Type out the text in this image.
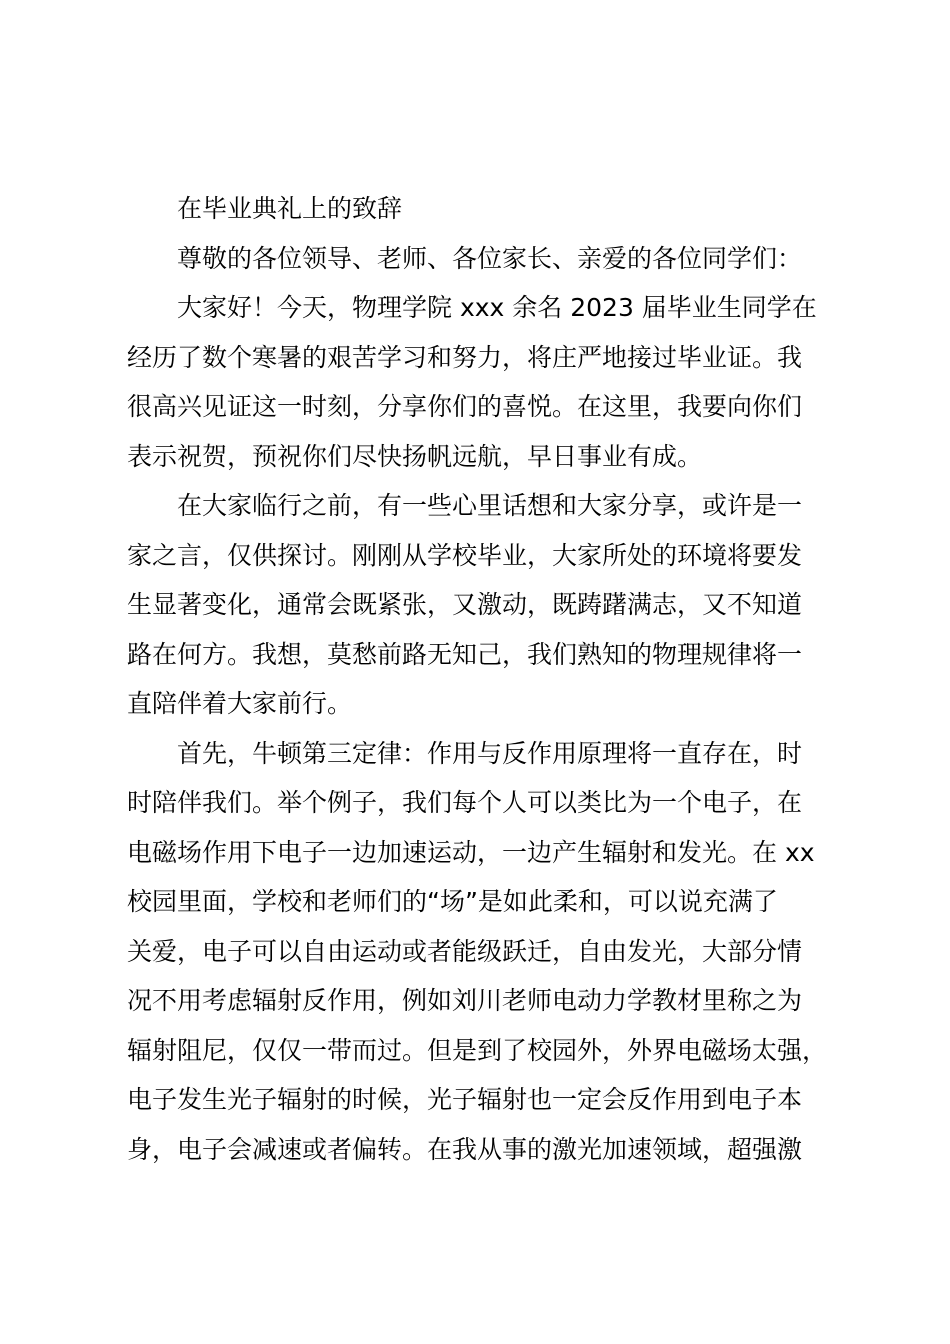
在毕业典礼上的致辞
尊敬的各位领导、老师、各位家长、亲爱的各位同学们：
大家好！今天，物理学院 xxx 余名 2023 届毕业生同学在
经历了数个寒暑的艰苦学习和努力，将庄严地接过毕业证。我
很高兴见证这一时刻，分享你们的喜悦。在这里，我要向你们
表示祝贺，预祝你们尽快扬帆远航，早日事业有成。
在大家临行之前，有一些心里话想和大家分享，或许是一
家之言，仅供探讨。刚刚从学校毕业，大家所处的环境将要发
生显著变化，通常会既紧张，又激动，既踌躇满志，又不知道
路在何方。我想，莫愁前路无知己，我们熟知的物理规律将一
直陪伴着大家前行。
首先，牛顿第三定律：作用与反作用原理将一直存在，时
时陪伴我们。举个例子，我们每个人可以类比为一个电子，在
电磁场作用下电子一边加速运动，一边产生辐射和发光。在 xx
校园里面，学校和老师们的“场”是如此柔和，可以说充满了
关爱，电子可以自由运动或者能级跃迁，自由发光，大部分情
况不用考虑辐射反作用，例如刘川老师电动力学教材里称之为
辐射阻尼，仅仅一带而过。但是到了校园外，外界电磁场太强，
电子发生光子辐射的时候，光子辐射也一定会反作用到电子本
身，电子会减速或者偏转。在我从事的激光加速领域，超强激
